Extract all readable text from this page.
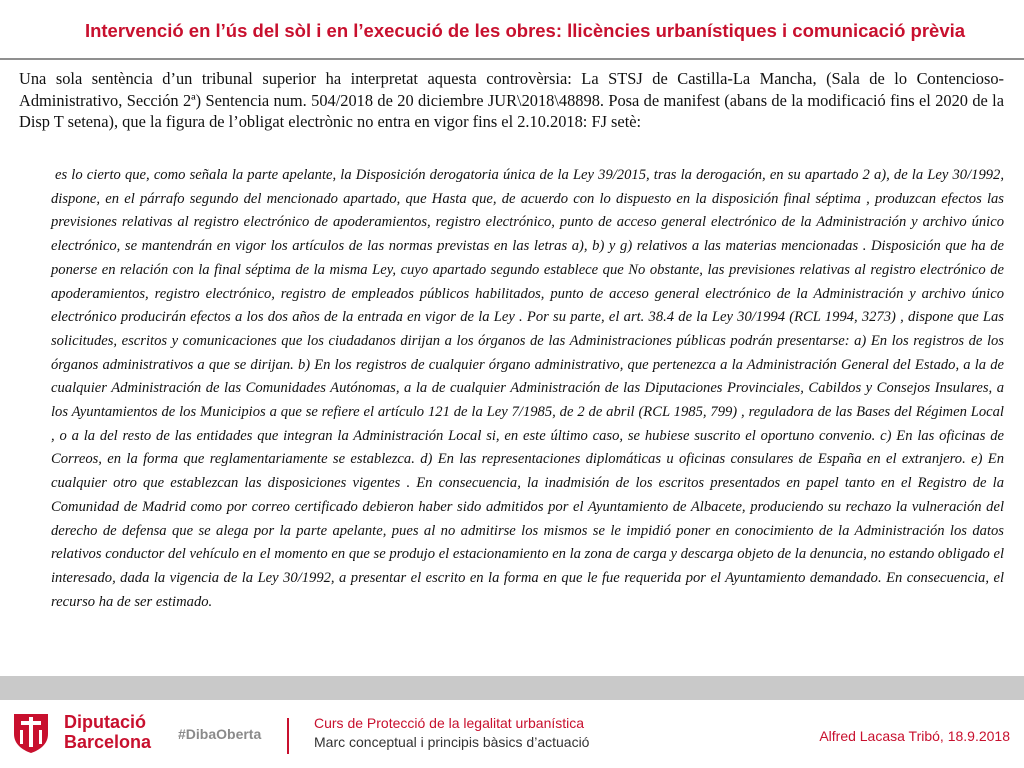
Intervenció en l’ús del sòl i en l’execució de les obres: llicències urbanístiques i comunicació prèvia
Una sola sentència d’un tribunal superior ha interpretat aquesta controvèrsia: La STSJ de Castilla-La Mancha, (Sala de lo Contencioso-Administrativo, Sección 2ª) Sentencia num. 504/2018 de 20 diciembre JUR\2018\48898. Posa de manifest (abans de la modificació fins el 2020 de la Disp T setena), que la figura de l’obligat electrònic no entra en vigor fins el 2.10.2018: FJ setè:
es lo cierto que, como señala la parte apelante, la Disposición derogatoria única de la Ley 39/2015, tras la derogación, en su apartado 2 a), de la Ley 30/1992, dispone, en el párrafo segundo del mencionado apartado, que Hasta que, de acuerdo con lo dispuesto en la disposición final séptima , produzcan efectos las previsiones relativas al registro electrónico de apoderamientos, registro electrónico, punto de acceso general electrónico de la Administración y archivo único electrónico, se mantendrán en vigor los artículos de las normas previstas en las letras a), b) y g) relativos a las materias mencionadas . Disposición que ha de ponerse en relación con la final séptima de la misma Ley, cuyo apartado segundo establece que No obstante, las previsiones relativas al registro electrónico de apoderamientos, registro electrónico, registro de empleados públicos habilitados, punto de acceso general electrónico de la Administración y archivo único electrónico producirán efectos a los dos años de la entrada en vigor de la Ley . Por su parte, el art. 38.4 de la Ley 30/1994 (RCL 1994, 3273) , dispone que Las solicitudes, escritos y comunicaciones que los ciudadanos dirijan a los órganos de las Administraciones públicas podrán presentarse: a) En los registros de los órganos administrativos a que se dirijan. b) En los registros de cualquier órgano administrativo, que pertenezca a la Administración General del Estado, a la de cualquier Administración de las Comunidades Autónomas, a la de cualquier Administración de las Diputaciones Provinciales, Cabildos y Consejos Insulares, a los Ayuntamientos de los Municipios a que se refiere el artículo 121 de la Ley 7/1985, de 2 de abril (RCL 1985, 799) , reguladora de las Bases del Régimen Local , o a la del resto de las entidades que integran la Administración Local si, en este último caso, se hubiese suscrito el oportuno convenio. c) En las oficinas de Correos, en la forma que reglamentariamente se establezca. d) En las representaciones diplomáticas u oficinas consulares de España en el extranjero. e) En cualquier otro que establezcan las disposiciones vigentes . En consecuencia, la inadmisión de los escritos presentados en papel tanto en el Registro de la Comunidad de Madrid como por correo certificado debieron haber sido admitidos por el Ayuntamiento de Albacete, produciendo su rechazo la vulneración del derecho de defensa que se alega por la parte apelante, pues al no admitirse los mismos se le impidió poner en conocimiento de la Administración los datos relativos conductor del vehículo en el momento en que se produjo el estacionamiento en la zona de carga y descarga objeto de la denuncia, no estando obligado el interesado, dada la vigencia de la Ley 30/1992, a presentar el escrito en la forma en que le fue requerida por el Ayuntamiento demandado. En consecuencia, el recurso ha de ser estimado.
Diputació
Barcelona #DibaOberta
Curs de Protecció de la legalitat urbanística
Marc conceptual i principis bàsics d’actuació	Alfred Lacasa Tribó, 18.9.2018
